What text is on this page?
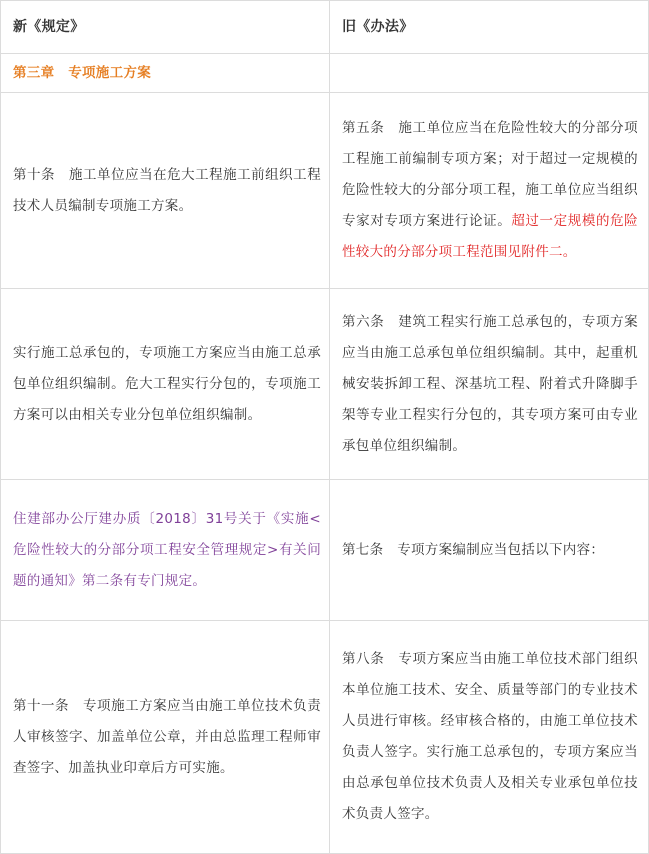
新《规定》	旧《办法》
第三章　专项施工方案	
第十条　施工单位应当在危大工程施工前组织工程技术人员编制专项施工方案。	第五条　施工单位应当在危险性较大的分部分项工程施工前编制专项方案；对于超过一定规模的危险性较大的分部分项工程，施工单位应当组织专家对专项方案进行论证。超过一定规模的危险性较大的分部分项工程范围见附件二。
实行施工总承包的，专项施工方案应当由施工总承包单位组织编制。危大工程实行分包的，专项施工方案可以由相关专业分包单位组织编制。	第六条　建筑工程实行施工总承包的，专项方案应当由施工总承包单位组织编制。其中，起重机械安装拆卸工程、深基坑工程、附着式升降脚手架等专业工程实行分包的，其专项方案可由专业承包单位组织编制。
住建部办公厅建办质〔2018〕31号关于《实施<危险性较大的分部分项工程安全管理规定>有关问题的通知》第二条有专门规定。	第七条　专项方案编制应当包括以下内容：
第十一条　专项施工方案应当由施工单位技术负责人审核签字、加盖单位公章，并由总监理工程师审查签字、加盖执业印章后方可实施。	第八条　专项方案应当由施工单位技术部门组织本单位施工技术、安全、质量等部门的专业技术人员进行审核。经审核合格的，由施工单位技术负责人签字。实行施工总承包的，专项方案应当由总承包单位技术负责人及相关专业承包单位技术负责人签字。
